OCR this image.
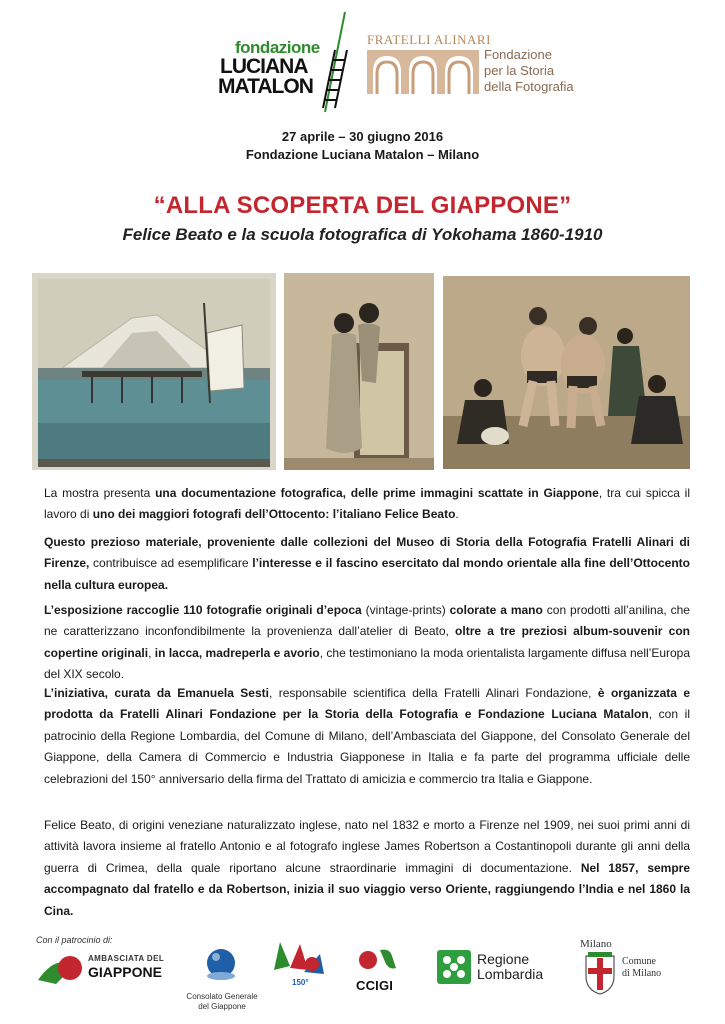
fondazione
LUCIANA
MATALON
FRATELLI ALINARI
Fondazione
per la Storia
della Fotografia
27 aprile – 30 giugno 2016
Fondazione Luciana Matalon – Milano
“ALLA SCOPERTA DEL GIAPPONE”
Felice Beato e la scuola fotografica di Yokohama 1860-1910
La mostra presenta una documentazione fotografica, delle prime immagini scattate in Giappone, tra cui spicca il lavoro di uno dei maggiori fotografi dell’Ottocento: l’italiano Felice Beato.
Questo prezioso materiale, proveniente dalle collezioni del Museo di Storia della Fotografia Fratelli Alinari di Firenze, contribuisce ad esemplificare l’interesse e il fascino esercitato dal mondo orientale alla fine dell’Ottocento nella cultura europea.
L’esposizione raccoglie 110 fotografie originali d’epoca (vintage-prints) colorate a mano con prodotti all’anilina, che ne caratterizzano inconfondibilmente la provenienza dall’atelier di Beato, oltre a tre preziosi album-souvenir con copertine originali, in lacca, madreperla e avorio, che testimoniano la moda orientalista largamente diffusa nell’Europa del XIX secolo.
L’iniziativa, curata da Emanuela Sesti, responsabile scientifica della Fratelli Alinari Fondazione, è organizzata e prodotta da Fratelli Alinari Fondazione per la Storia della Fotografia e Fondazione Luciana Matalon, con il patrocinio della Regione Lombardia, del Comune di Milano, dell’Ambasciata del Giappone, del Consolato Generale del Giappone, della Camera di Commercio e Industria Giapponese in Italia e fa parte del programma ufficiale delle celebrazioni del 150° anniversario della firma del Trattato di amicizia e commercio tra Italia e Giappone.
Felice Beato, di origini veneziane naturalizzato inglese, nato nel 1832 e morto a Firenze nel 1909, nei suoi primi anni di attività lavora insieme al fratello Antonio e al fotografo inglese James Robertson a Costantinopoli durante gli anni della guerra di Crimea, della quale riportano alcune straordinarie immagini di documentazione. Nel 1857, sempre accompagnato dal fratello e da Robertson, inizia il suo viaggio verso Oriente, raggiungendo l’India e nel 1860 la Cina.
Con il patrocinio di:
AMBASCIATA DEL
GIAPPONE
Consolato Generale
del Giappone
150°	CCIGI
Regione
Lombardia
Milano
Comune
di Milano
